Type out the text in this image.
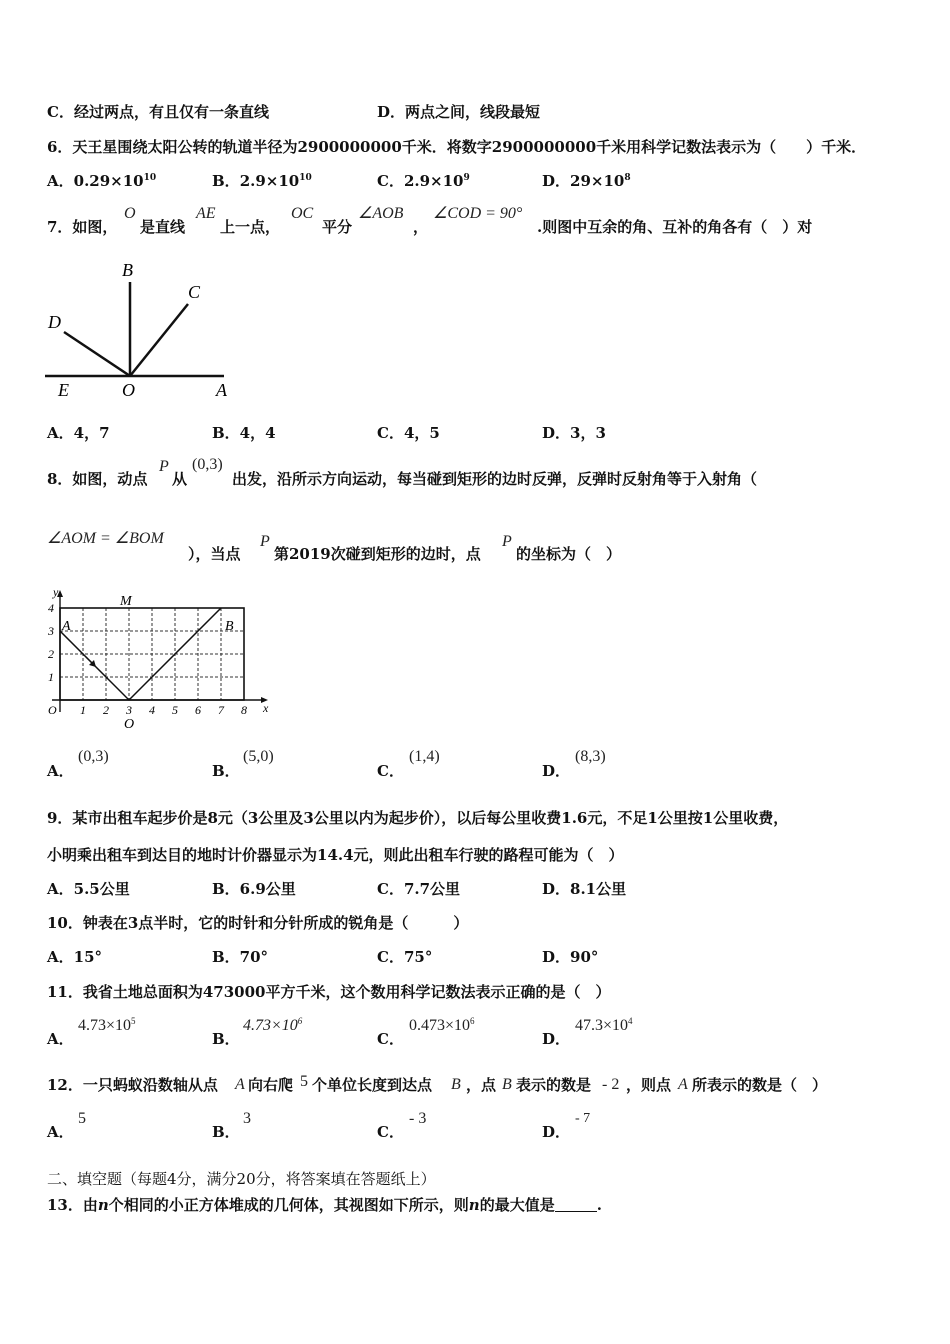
C．经过两点，有且仅有一条直线	D．两点之间，线段最短
6．天王星围绕太阳公转的轨道半径为2900000000千米．将数字2900000000千米用科学记数法表示为（　　）千米．
A．$0.29\times 10^{10}$	B．$2.9\times 10^{10}$	C．$2.9\times 10^9$	D．$29\times 10^8$
7．如图，
O
是直线
AE
上一点，
OC
平分
∠AOB
，
∠COD = 90°
.则图中互余的角、互补的角各有（　）对
B
C
D
E	O	A
A．4，7	B．4，4	C．4，5	D．3，3
8．如图，动点
P
从
(0,3)
出发，沿所示方向运动，每当碰到矩形的边时反弹，反弹时反射角等于入射角（
∠AOM = ∠BOM
），当点
P
第2019次碰到矩形的边时，点
P
的坐标为（　）
y
x
O
A	B
M
O
1 2 3 4 5 6 7 8
1
2
3
4
A．
(0,3)
B．
(5,0)
C．
(1,4)
D．
(8,3)
9．某市出租车起步价是8元（3公里及3公里以内为起步价），以后每公里收费1.6元，不足1公里按1公里收费，
小明乘出租车到达目的地时计价器显示为14.4元，则此出租车行驶的路程可能为（　）
A．5.5公里	B．6.9公里	C．7.7公里	D．8.1公里
10．钟表在3点半时，它的时针和分针所成的锐角是（　　　）
A．15°	B．70°	C．75°	D．90°
11．我省土地总面积为473000平方千米，这个数用科学记数法表示正确的是（　）
A．
$4.73\times 10^5$
B．
$4.73\times 10^6$
C．
$0.473\times 10^6$
D．
$47.3\times 10^4$
12．一只蚂蚁沿数轴从点 A 向右爬 5 个单位长度到达点 B ，点 B 表示的数是 - 2 ，则点 A 所表示的数是（　）
A．
5
B．
3
C．
- 3
D．
- 7
二、填空题（每题4分，满分20分，将答案填在答题纸上）
13．由n个相同的小正方体堆成的几何体，其视图如下所示，则n的最大值是	.
